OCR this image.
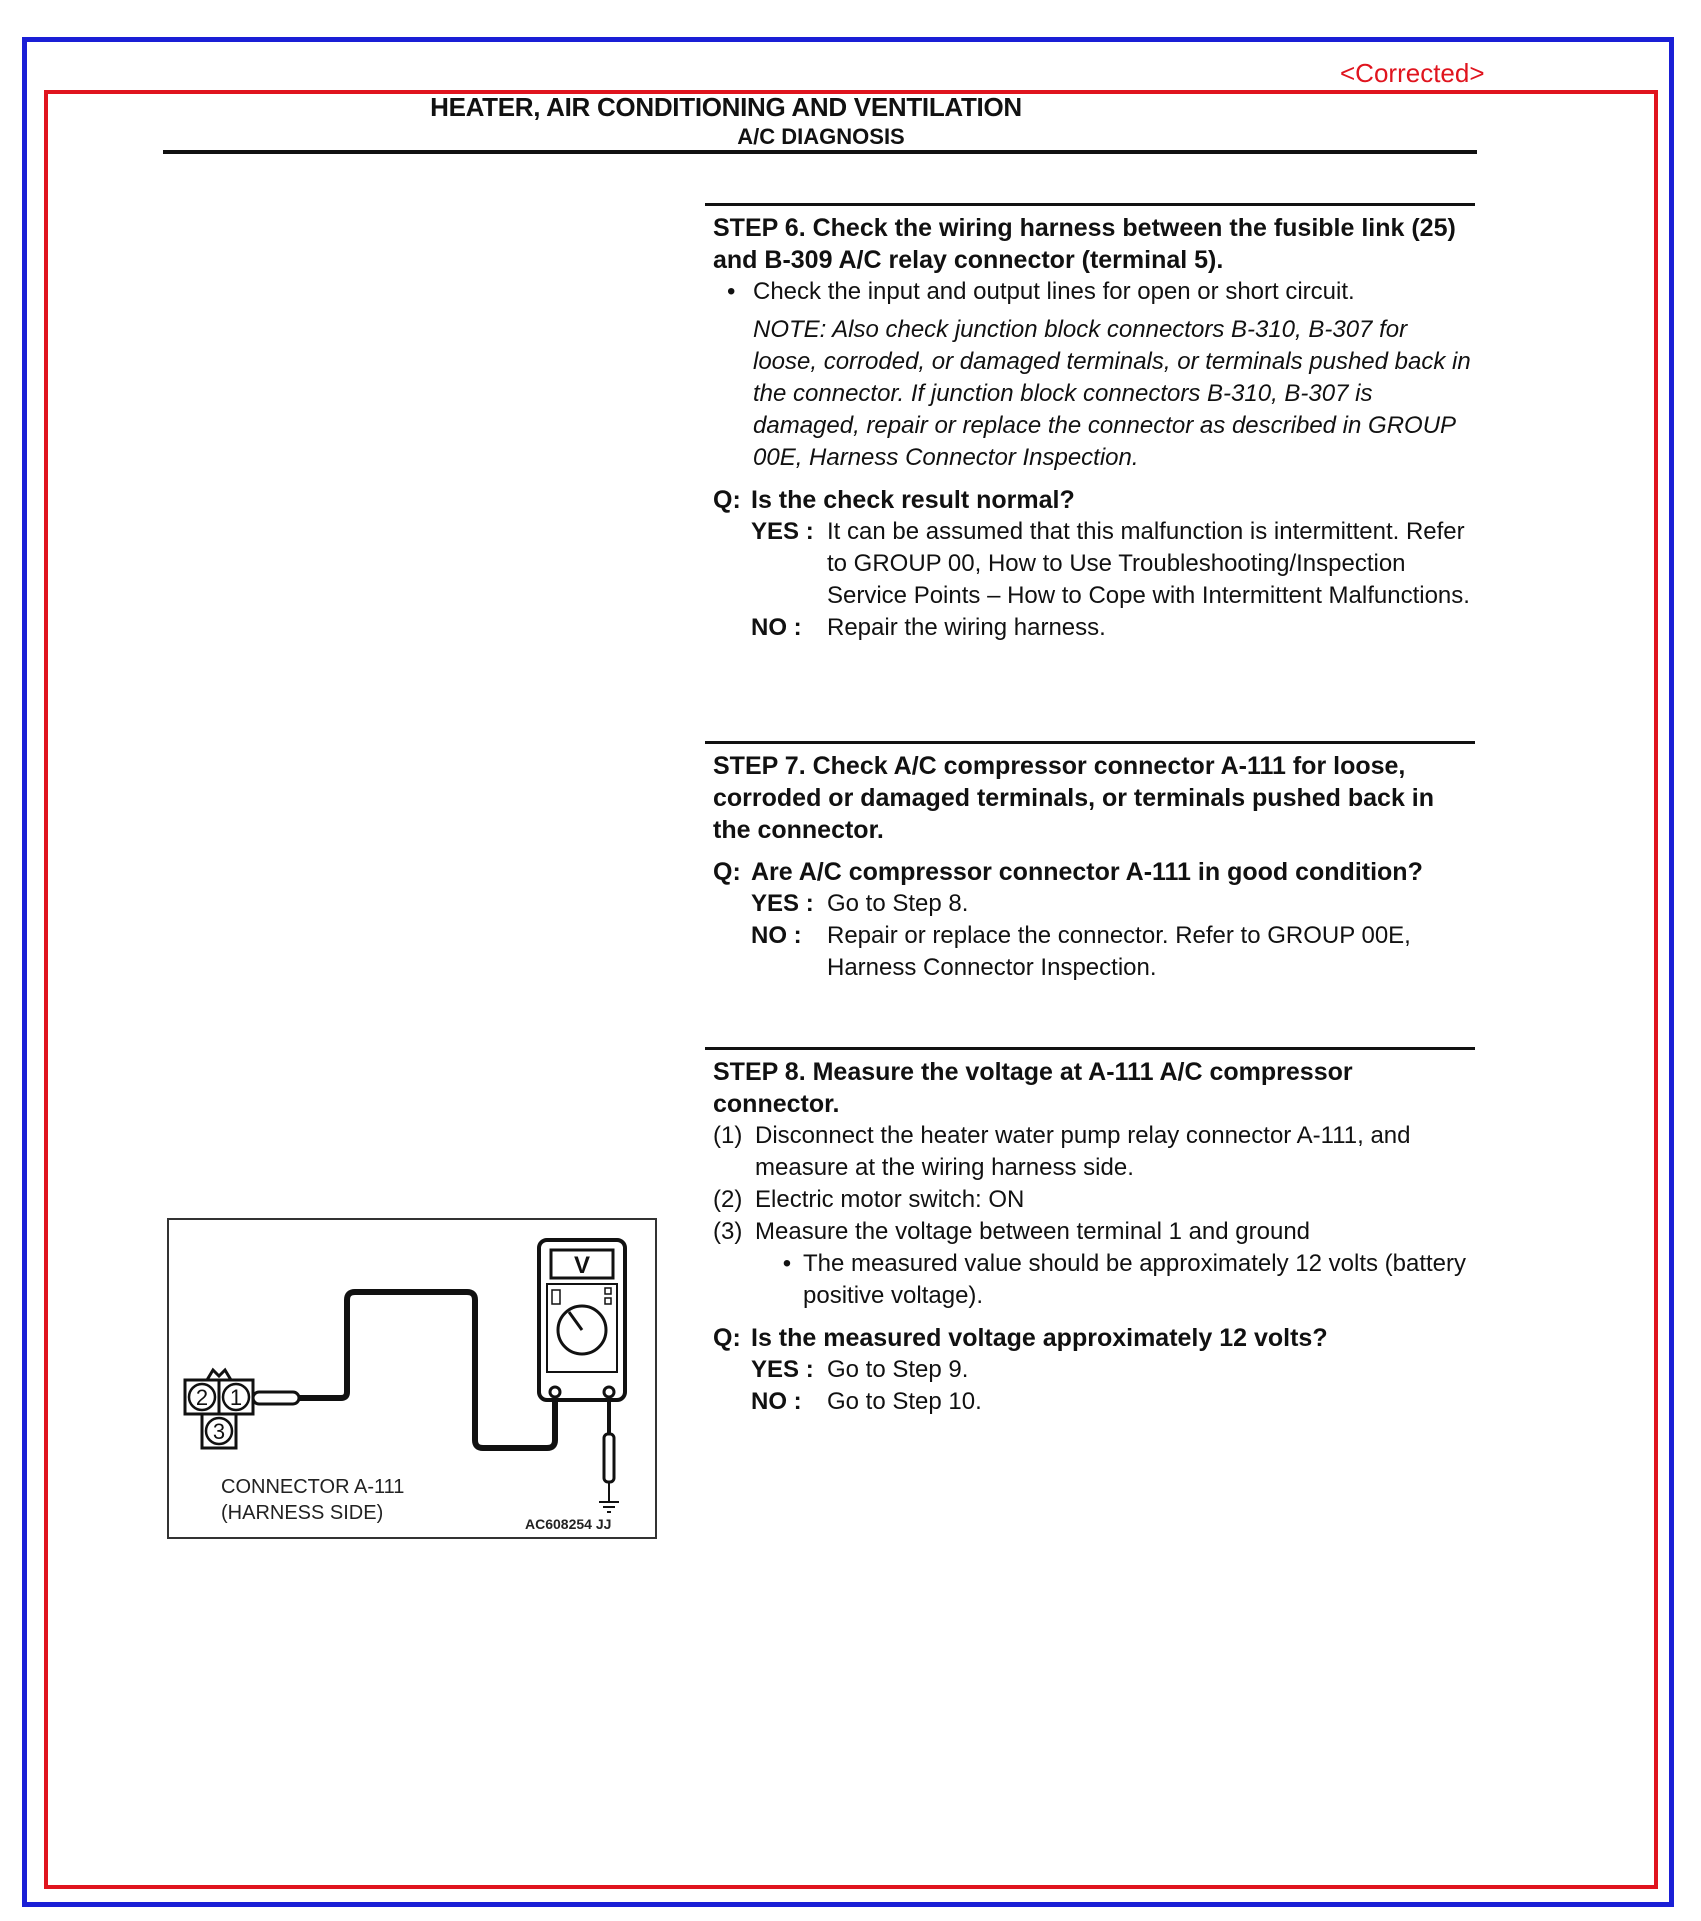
<Corrected>
HEATER, AIR CONDITIONING AND VENTILATION
A/C DIAGNOSIS
STEP 6. Check the wiring harness between the fusible link (25) and B-309 A/C relay connector (terminal 5).
• Check the input and output lines for open or short circuit.
NOTE: Also check junction block connectors B-310, B-307 for loose, corroded, or damaged terminals, or terminals pushed back in the connector. If junction block connectors B-310, B-307 is damaged, repair or replace the connector as described in GROUP 00E, Harness Connector Inspection.
Q: Is the check result normal?
YES : It can be assumed that this malfunction is intermittent. Refer to GROUP 00, How to Use Troubleshooting/Inspection Service Points – How to Cope with Intermittent Malfunctions.
NO :	Repair the wiring harness.
STEP 7. Check A/C compressor connector A-111 for loose, corroded or damaged terminals, or terminals pushed back in the connector.
Q: Are A/C compressor connector A-111 in good condition?
YES : Go to Step 8.
NO :	Repair or replace the connector. Refer to GROUP 00E, Harness Connector Inspection.
STEP 8. Measure the voltage at A-111 A/C compressor connector.
(1) Disconnect the heater water pump relay connector A-111, and measure at the wiring harness side.
(2) Electric motor switch: ON
(3) Measure the voltage between terminal 1 and ground
• The measured value should be approximately 12 volts (battery positive voltage).
Q: Is the measured voltage approximately 12 volts?
YES : Go to Step 9.
NO :	Go to Step 10.
2 1
3
V
CONNECTOR A-111
(HARNESS SIDE)	AC608254 JJ
